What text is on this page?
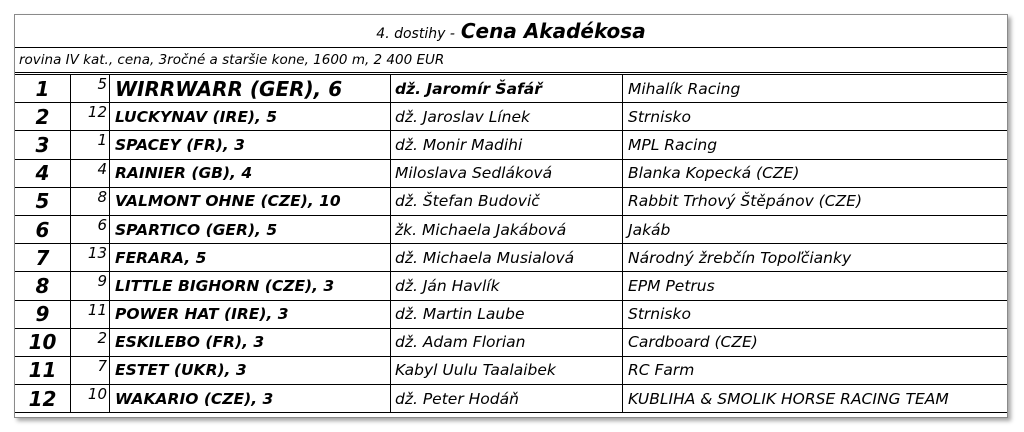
4. dostihy - Cena Akadékosa
rovina IV kat., cena, 3ročné a staršie kone, 1600 m, 2 400 EUR
1	5	WIRRWARR (GER), 6	dž. Jaromír Šafář	Mihalík Racing
2	12	LUCKYNAV (IRE), 5	dž. Jaroslav Línek	Strnisko
3	1	SPACEY (FR), 3	dž. Monir Madihi	MPL Racing
4	4	RAINIER (GB), 4	Miloslava Sedláková	Blanka Kopecká (CZE)
5	8	VALMONT OHNE (CZE), 10	dž. Štefan Budovič	Rabbit Trhový Štěpánov (CZE)
6	6	SPARTICO (GER), 5	žk. Michaela Jakábová	Jakáb
7	13	FERARA, 5	dž. Michaela Musialová	Národný žrebčín Topoľčianky
8	9	LITTLE BIGHORN (CZE), 3	dž. Ján Havlík	EPM Petrus
9	11	POWER HAT (IRE), 3	dž. Martin Laube	Strnisko
10	2	ESKILEBO (FR), 3	dž. Adam Florian	Cardboard (CZE)
11	7	ESTET (UKR), 3	Kabyl Uulu Taalaibek	RC Farm
12	10	WAKARIO (CZE), 3	dž. Peter Hodáň	KUBLIHA & SMOLIK HORSE RACING TEAM
